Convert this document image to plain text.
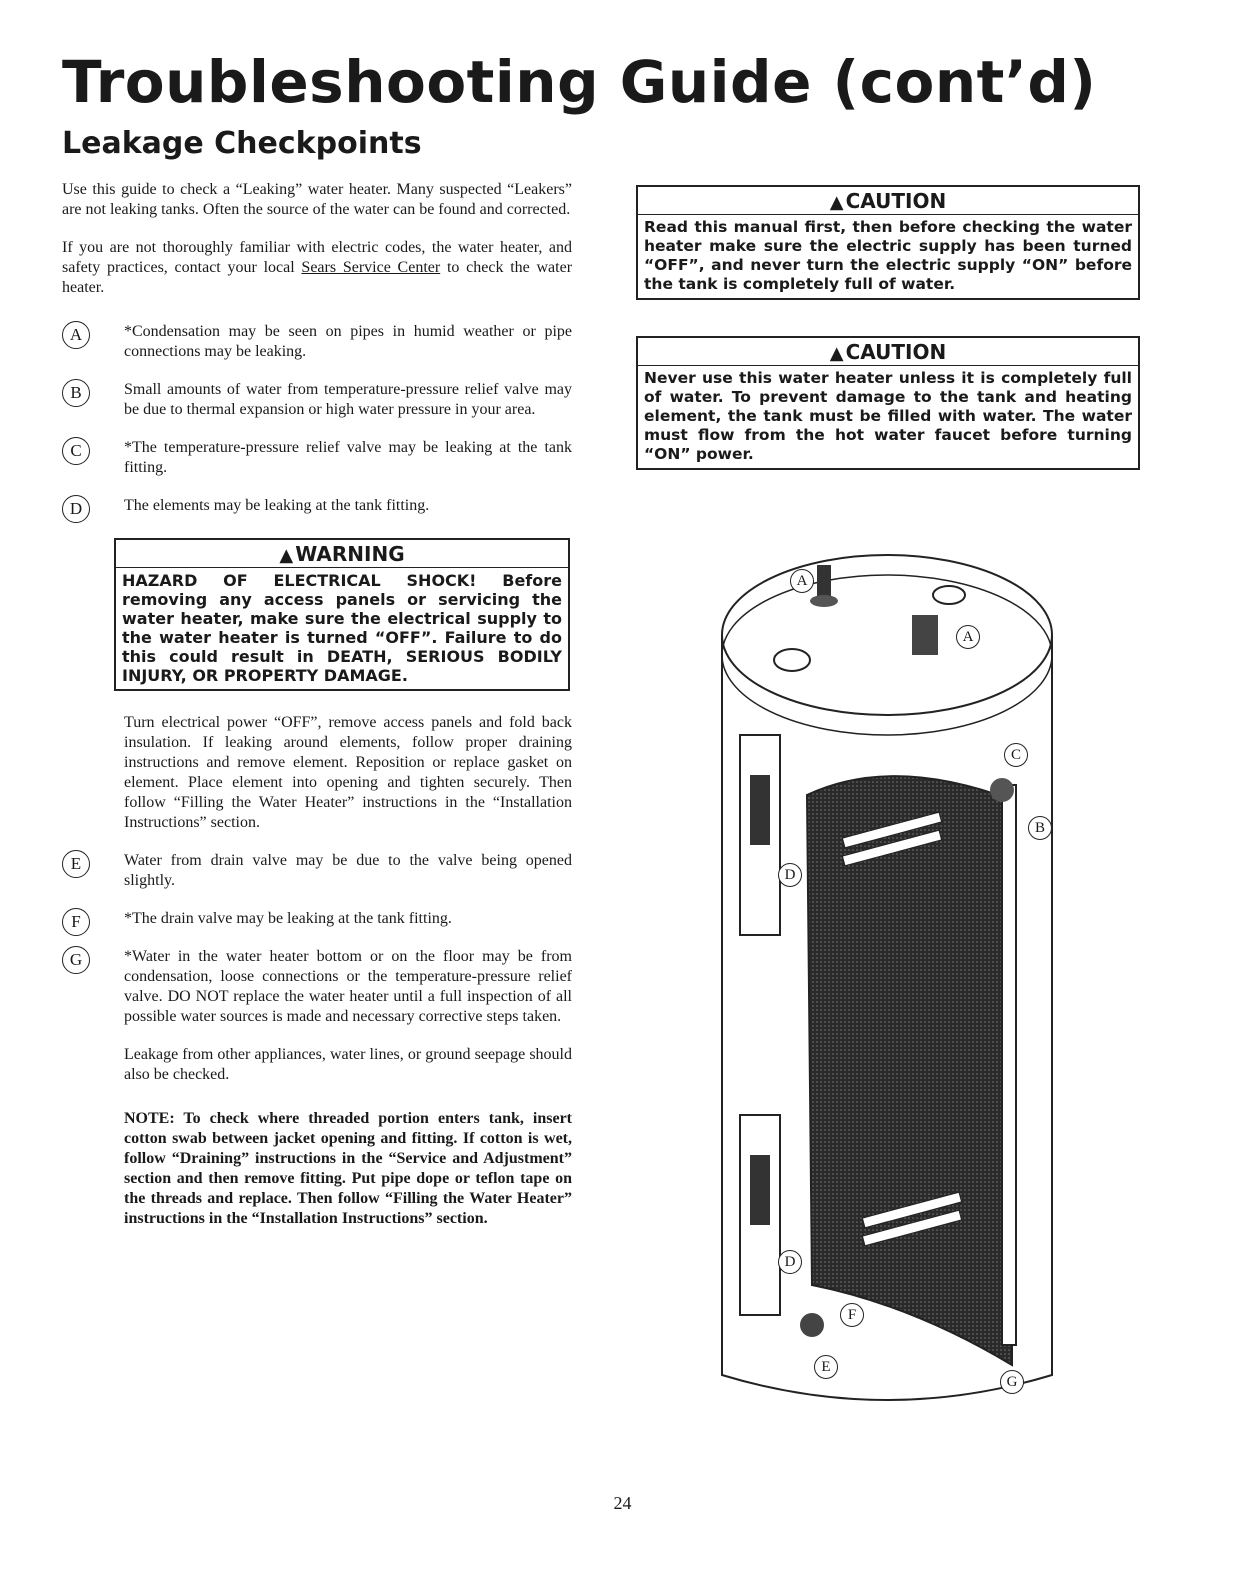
Troubleshooting Guide (cont’d)
Leakage Checkpoints

Use this guide to check a “Leaking” water heater. Many suspected “Leakers” are not leaking tanks. Often the source of the water can be found and corrected.

If you are not thoroughly familiar with electric codes, the water heater, and safety practices, contact your local Sears Service Center to check the water heater.

A	*Condensation may be seen on pipes in humid weather or pipe connections may be leaking.
B	Small amounts of water from temperature-pressure relief valve may be due to thermal expansion or high water pressure in your area.
C	*The temperature-pressure relief valve may be leaking at the tank fitting.
D	The elements may be leaking at the tank fitting.
▲ WARNING
HAZARD OF ELECTRICAL SHOCK! Before removing any access panels or servicing the water heater, make sure the electrical supply to the water heater is turned “OFF”. Failure to do this could result in DEATH, SERIOUS BODILY INJURY, OR PROPERTY DAMAGE.

Turn electrical power “OFF”, remove access panels and fold back insulation. If leaking around elements, follow proper draining instructions and remove element. Reposition or replace gasket on element. Place element into opening and tighten securely. Then follow “Filling the Water Heater” instructions in the “Installation Instructions” section.

E	Water from drain valve may be due to the valve being opened slightly.
F	*The drain valve may be leaking at the tank fitting.
G	*Water in the water heater bottom or on the floor may be from condensation, loose connections or the temperature-pressure relief valve. DO NOT replace the water heater until a full inspection of all possible water sources is made and necessary corrective steps taken.

Leakage from other appliances, water lines, or ground seepage should also be checked.

NOTE: To check where threaded portion enters tank, insert cotton swab between jacket opening and fitting. If cotton is wet, follow “Draining” instructions in the “Service and Adjustment” section and then remove fitting. Put pipe dope or teflon tape on the threads and replace. Then follow “Filling the Water Heater” instructions in the “Installation Instructions” section.

▲ CAUTION
Read this manual first, then before checking the water heater make sure the electric supply has been turned “OFF”, and never turn the electric supply “ON” before the tank is completely full of water.
▲ CAUTION
Never use this water heater unless it is completely full of water. To prevent damage to the tank and heating element, the tank must be filled with water. The water must flow from the hot water faucet before turning “ON” power.
A
A
C
B
D
D
F
E
G
24
